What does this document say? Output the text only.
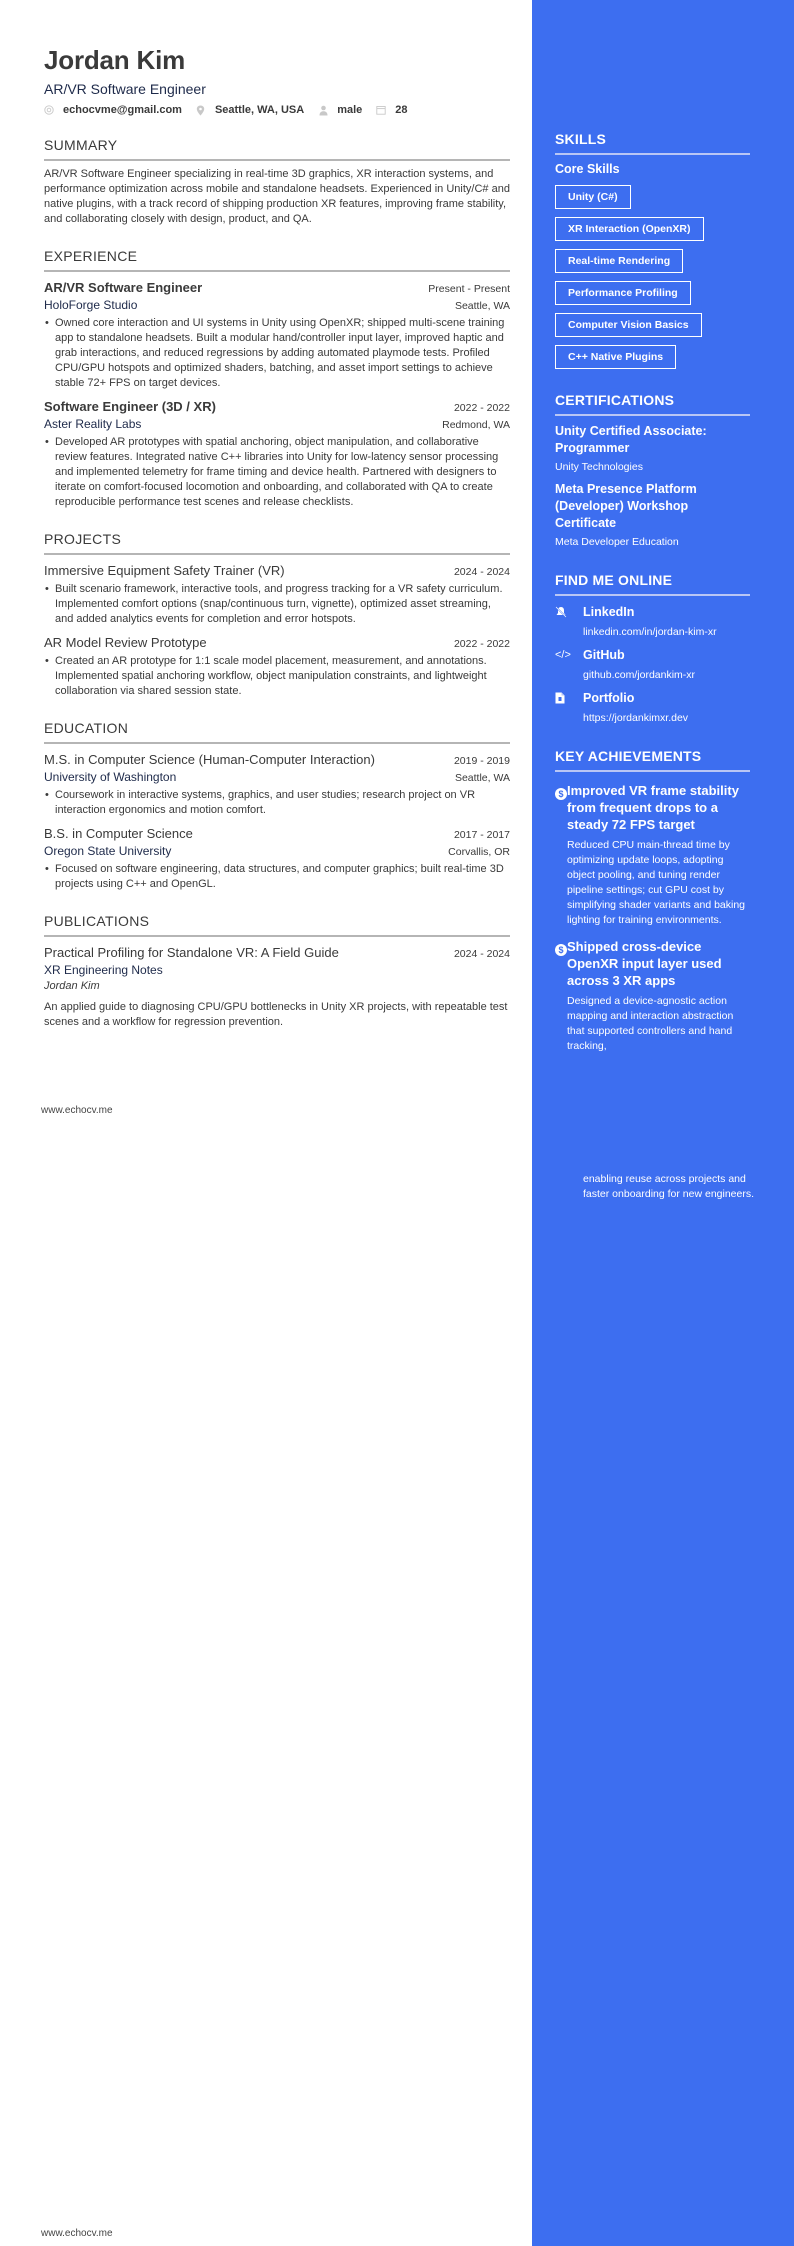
Jordan Kim
AR/VR Software Engineer
echocvme@gmail.com	Seattle, WA, USA	male	28
SUMMARY

AR/VR Software Engineer specializing in real-time 3D graphics, XR interaction systems, and performance optimization across mobile and standalone headsets. Experienced in Unity/C# and native plugins, with a track record of shipping production XR features, improving frame stability, and collaborating closely with design, product, and QA.

EXPERIENCE
AR/VR Software Engineer	Present - Present
HoloForge Studio	Seattle, WA
• Owned core interaction and UI systems in Unity using OpenXR; shipped multi-scene training app to standalone headsets. Built a modular hand/controller input layer, improved haptic and grab interactions, and reduced regressions by adding automated playmode tests. Profiled CPU/GPU hotspots and optimized shaders, batching, and asset import settings to achieve stable 72+ FPS on target devices.
Software Engineer (3D / XR)	2022 - 2022
Aster Reality Labs	Redmond, WA
• Developed AR prototypes with spatial anchoring, object manipulation, and collaborative review features. Integrated native C++ libraries into Unity for low-latency sensor processing and implemented telemetry for frame timing and device health. Partnered with designers to iterate on comfort-focused locomotion and onboarding, and collaborated with QA to create reproducible performance test scenes and release checklists.
PROJECTS
Immersive Equipment Safety Trainer (VR)	2024 - 2024
• Built scenario framework, interactive tools, and progress tracking for a VR safety curriculum. Implemented comfort options (snap/continuous turn, vignette), optimized asset streaming, and added analytics events for completion and error hotspots.
AR Model Review Prototype	2022 - 2022
• Created an AR prototype for 1:1 scale model placement, measurement, and annotations. Implemented spatial anchoring workflow, object manipulation constraints, and lightweight collaboration via shared session state.
EDUCATION
M.S. in Computer Science (Human-Computer Interaction)	2019 - 2019
University of Washington	Seattle, WA
• Coursework in interactive systems, graphics, and user studies; research project on VR interaction ergonomics and motion comfort.
B.S. in Computer Science	2017 - 2017
Oregon State University	Corvallis, OR
• Focused on software engineering, data structures, and computer graphics; built real-time 3D projects using C++ and OpenGL.
PUBLICATIONS
Practical Profiling for Standalone VR: A Field Guide	2024 - 2024
XR Engineering Notes
Jordan Kim

An applied guide to diagnosing CPU/GPU bottlenecks in Unity XR projects, with repeatable test scenes and a workflow for regression prevention.

www.echocv.me
www.echocv.me
SKILLS
Core Skills
Unity (C#)
XR Interaction (OpenXR)
Real-time Rendering
Performance Profiling
Computer Vision Basics
C++ Native Plugins
CERTIFICATIONS
Unity Certified Associate: Programmer
Unity Technologies
Meta Presence Platform (Developer) Workshop Certificate
Meta Developer Education
FIND ME ONLINE
LinkedIn
linkedin.com/in/jordan-kim-xr
</> GitHub
github.com/jordankim-xr
Portfolio
https://jordankimxr.dev
KEY ACHIEVEMENTS
$ Improved VR frame stability from frequent drops to a steady 72 FPS target
Reduced CPU main-thread time by optimizing update loops, adopting object pooling, and tuning render pipeline settings; cut GPU cost by simplifying shader variants and baking lighting for training environments.
$ Shipped cross-device OpenXR input layer used across 3 XR apps
Designed a device-agnostic action mapping and interaction abstraction that supported controllers and hand tracking,
enabling reuse across projects and faster onboarding for new engineers.
